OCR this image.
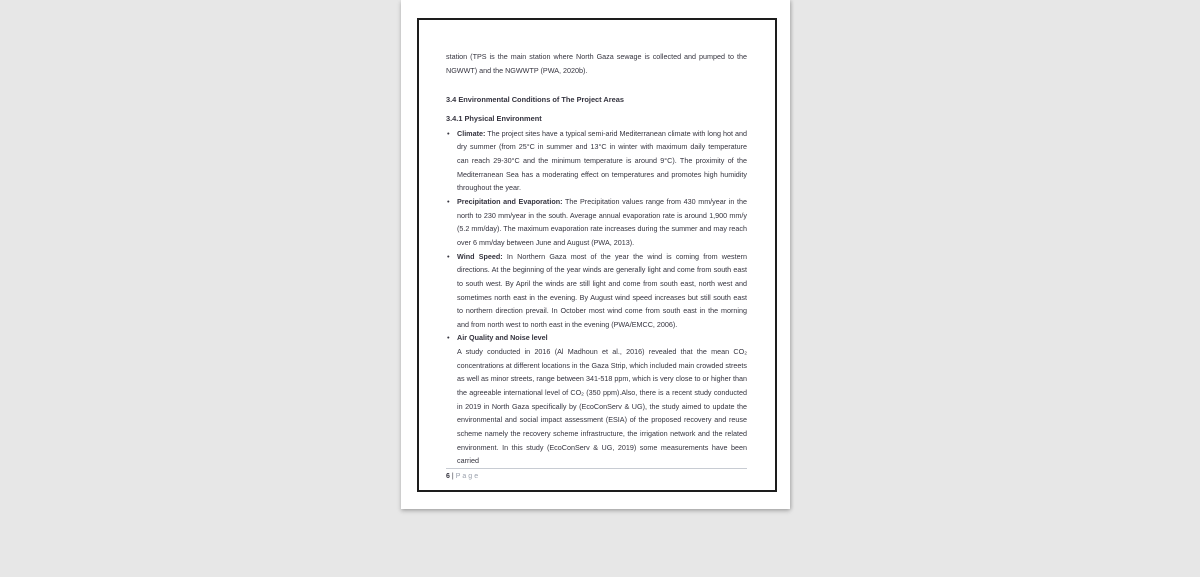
station (TPS is the main station where North Gaza sewage is collected and pumped to the NGWWT) and the NGWWTP (PWA, 2020b).

3.4 Environmental Conditions of The Project Areas
3.4.1 Physical Environment
• Climate: The project sites have a typical semi-arid Mediterranean climate with long hot and dry summer (from 25°C in summer and 13°C in winter with maximum daily temperature can reach 29-30°C and the minimum temperature is around 9°C). The proximity of the Mediterranean Sea has a moderating effect on temperatures and promotes high humidity throughout the year.
• Precipitation and Evaporation: The Precipitation values range from 430 mm/year in the north to 230 mm/year in the south. Average annual evaporation rate is around 1,900 mm/y (5.2 mm/day). The maximum evaporation rate increases during the summer and may reach over 6 mm/day between June and August (PWA, 2013).
• Wind Speed: In Northern Gaza most of the year the wind is coming from western directions. At the beginning of the year winds are generally light and come from south east to south west. By April the winds are still light and come from south east, north west and sometimes north east in the evening. By August wind speed increases but still south east to northern direction prevail. In October most wind come from south east in the morning and from north west to north east in the evening (PWA/EMCC, 2006).
• Air Quality and Noise level
A study conducted in 2016 (Al Madhoun et al., 2016) revealed that the mean CO₂ concentrations at different locations in the Gaza Strip, which included main crowded streets as well as minor streets, range between 341-518 ppm, which is very close to or higher than the agreeable international level of CO₂ (350 ppm).Also, there is a recent study conducted in 2019 in North Gaza specifically by (EcoConServ & UG), the study aimed to update the environmental and social impact assessment (ESIA) of the proposed recovery and reuse scheme namely the recovery scheme infrastructure, the irrigation network and the related environment. In this study (EcoConServ & UG, 2019) some measurements have been carried
6 | Page
